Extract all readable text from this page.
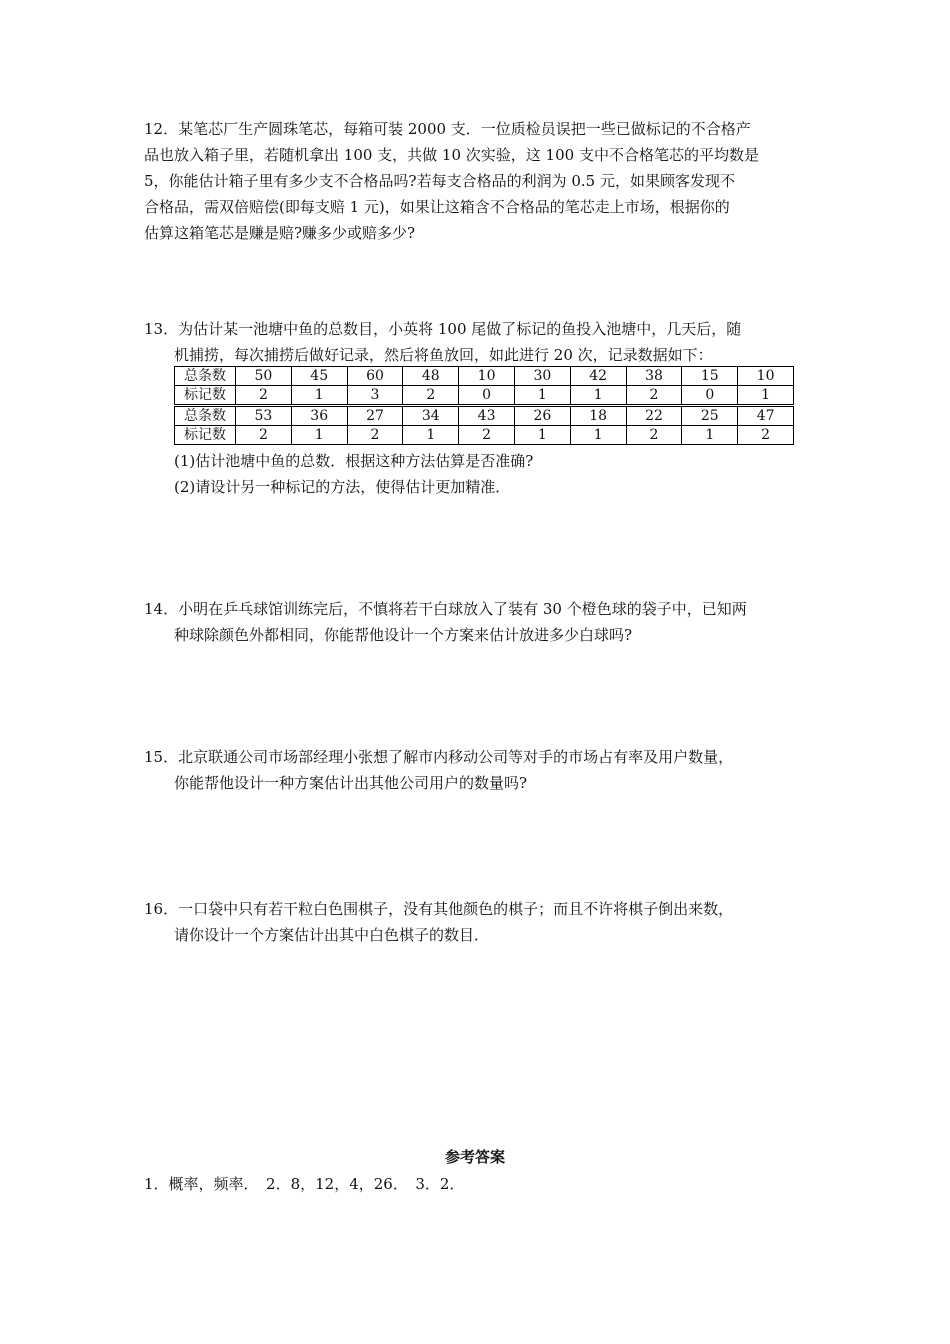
12．某笔芯厂生产圆珠笔芯，每箱可装 2000 支．一位质检员误把一些已做标记的不合格产
品也放入箱子里，若随机拿出 100 支，共做 10 次实验，这 100 支中不合格笔芯的平均数是
5，你能估计箱子里有多少支不合格品吗?若每支合格品的利润为 0.5 元，如果顾客发现不
合格品，需双倍赔偿(即每支赔 1 元)，如果让这箱含不合格品的笔芯走上市场，根据你的
估算这箱笔芯是赚是赔?赚多少或赔多少?
13．为估计某一池塘中鱼的总数目，小英将 100 尾做了标记的鱼投入池塘中，几天后，随
机捕捞，每次捕捞后做好记录，然后将鱼放回，如此进行 20 次，记录数据如下：
总条数	50	45	60	48	10	30	42	38	15	10
标记数	2	1	3	2	0	1	1	2	0	1
总条数	53	36	27	34	43	26	18	22	25	47
标记数	2	1	2	1	2	1	1	2	1	2
(1)估计池塘中鱼的总数．根据这种方法估算是否准确?
(2)请设计另一种标记的方法，使得估计更加精准．
14．小明在乒乓球馆训练完后，不慎将若干白球放入了装有 30 个橙色球的袋子中，已知两
种球除颜色外都相同，你能帮他设计一个方案来估计放进多少白球吗?
15．北京联通公司市场部经理小张想了解市内移动公司等对手的市场占有率及用户数量，
你能帮他设计一种方案估计出其他公司用户的数量吗?
16．一口袋中只有若干粒白色围棋子，没有其他颜色的棋子；而且不许将棋子倒出来数，
请你设计一个方案估计出其中白色棋子的数目．
参考答案
1．概率，频率．　2．8，12，4，26．　3．2．
